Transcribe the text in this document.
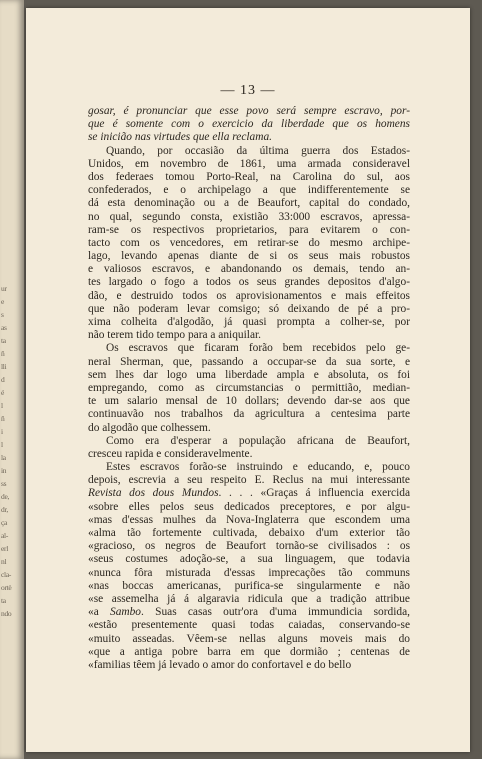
ur
e
s
as
ta
ñ
lli
d
é
l
ñ
i
l
la
in
ss
de,
dr,
ça
al-
erl
nl
cla-
ortè
ta
ndo
— 13 —
gosar, é pronunciar que esse povo será sempre escravo, por-
que é somente com o exercicio da liberdade que os homens
se inicião nas virtudes que ella reclama.
Quando, por occasião da última guerra dos Estados-
Unidos, em novembro de 1861, uma armada consideravel
dos federaes tomou Porto-Real, na Carolina do sul, aos
confederados, e o archipelago a que indifferentemente se
dá esta denominação ou a de Beaufort, capital do condado,
no qual, segundo consta, existião 33:000 escravos, apressa-
ram-se os respectivos proprietarios, para evitarem o con-
tacto com os vencedores, em retirar-se do mesmo archipe-
lago, levando apenas diante de si os seus mais robustos
e valiosos escravos, e abandonando os demais, tendo an-
tes largado o fogo a todos os seus grandes depositos d'algo-
dão, e destruido todos os aprovisionamentos e mais effeitos
que não poderam levar comsigo; só deixando de pé a pro-
xima colheita d'algodão, já quasi prompta a colher-se, por
não terem tido tempo para a aniquilar.
Os escravos que ficaram forão bem recebidos pelo ge-
neral Sherman, que, passando a occupar-se da sua sorte, e
sem lhes dar logo uma liberdade ampla e absoluta, os foi
empregando, como as circumstancias o permittião, median-
te um salario mensal de 10 dollars; devendo dar-se aos que
continuavão nos trabalhos da agricultura a centesima parte
do algodão que colhessem.
Como era d'esperar a população africana de Beaufort,
cresceu rapida e consideravelmente.
Estes escravos forão-se instruindo e educando, e, pouco
depois, escrevia a seu respeito E. Reclus na mui interessante
Revista dos dous Mundos. . . . «Graças á influencia exercida
«sobre elles pelos seus dedicados preceptores, e por algu-
«mas d'essas mulhes da Nova-Inglaterra que escondem uma
«alma tão fortemente cultivada, debaixo d'um exterior tão
«gracioso, os negros de Beaufort tornão-se civilisados : os
«seus costumes adoção-se, a sua linguagem, que todavia
«nunca fôra misturada d'essas imprecações tão communs
«nas boccas americanas, purifica-se singularmente e não
«se assemelha já á algaravia ridicula que a tradição attribue
«a Sambo. Suas casas outr'ora d'uma immundicia sordida,
«estão presentemente quasi todas caiadas, conservando-se
«muito asseadas. Vêem-se nellas alguns moveis mais do
«que a antiga pobre barra em que dormião ; centenas de
«familias têem já levado o amor do confortavel e do bello
